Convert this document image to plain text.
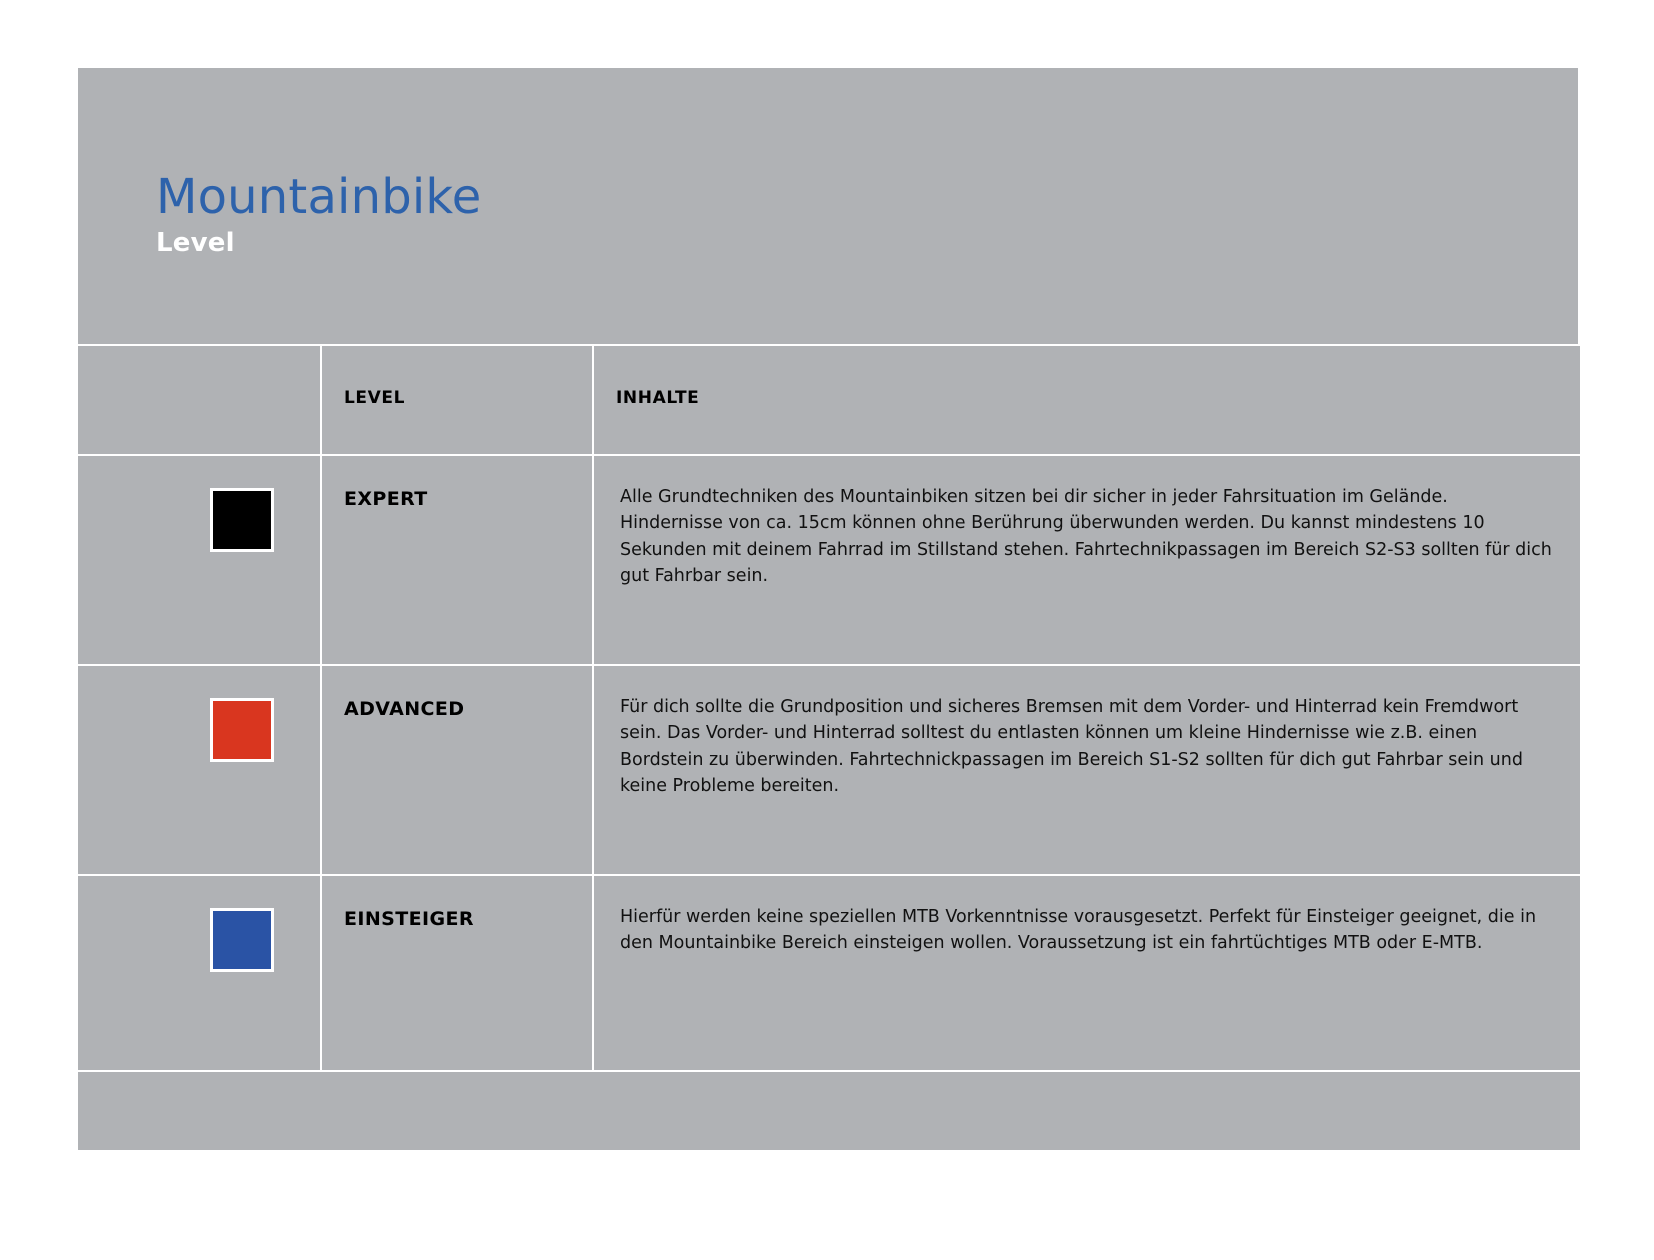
Mountainbike
Level

	LEVEL	INHALTE

	EXPERT	Alle Grundtechniken des Mountainbiken sitzen bei dir sicher in jeder Fahrsituation im Gelände. Hindernisse von ca. 15cm können ohne Berührung überwunden werden. Du kannst mindestens 10 Sekunden mit deinem Fahrrad im Stillstand stehen. Fahrtechnikpassagen im Bereich S2-S3 sollten für dich gut Fahrbar sein.

	ADVANCED	Für dich sollte die Grundposition und sicheres Bremsen mit dem Vorder- und Hinterrad kein Fremdwort sein. Das Vorder- und Hinterrad solltest du entlasten können um kleine Hindernisse wie z.B. einen Bordstein zu überwinden. Fahrtechnickpassagen im Bereich S1-S2 sollten für dich gut Fahrbar sein und keine Probleme bereiten.

	EINSTEIGER	Hierfür werden keine speziellen MTB Vorkenntnisse vorausgesetzt. Perfekt für Einsteiger geeignet, die in den Mountainbike Bereich einsteigen wollen. Voraussetzung ist ein fahrtüchtiges MTB oder E-MTB.
